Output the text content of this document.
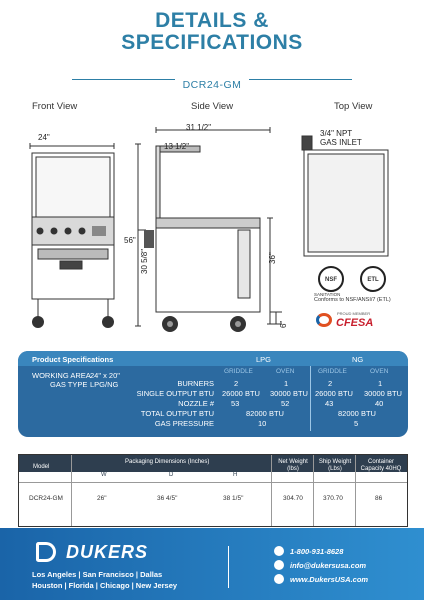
DETAILS &
SPECIFICATIONS
DCR24-GM
Front View	Side View	Top View
24"
31 1/2"
13 1/2"
56"
30 5/8"	36"
6"
3/4" NPT
GAS INLET
NSF
SANITATION
ETL
Conforms to NSF/ANSI/7 (ETL)
PROUD MEMBER
CFESA
Product Specifications	LPG	NG
WORKING AREA 24" x 20"
GAS TYPE LPG/NG
GRIDDLE	OVEN	GRIDDLE	OVEN
BURNERS	2	1	2	1
SINGLE OUTPUT BTU 26000 BTU 30000 BTU 26000 BTU 30000 BTU
NOZZLE # 53	52	43	40
TOTAL OUTPUT BTU	82000 BTU	82000 BTU
GAS PRESSURE	10	5
Model
Packaging Dimensions (Inches)
W	D	H
Net Weight (lbs)
Ship Weight (Lbs)
Container Capacity 40HQ
DCR24-GM	26"	36 4/5"	38 1/5"	304.70	370.70	86
DUKERS
Los Angeles | San Francisco | Dallas
Houston | Florida | Chicago | New Jersey
1-800-931-8628
info@dukersusa.com
www.DukersUSA.com
